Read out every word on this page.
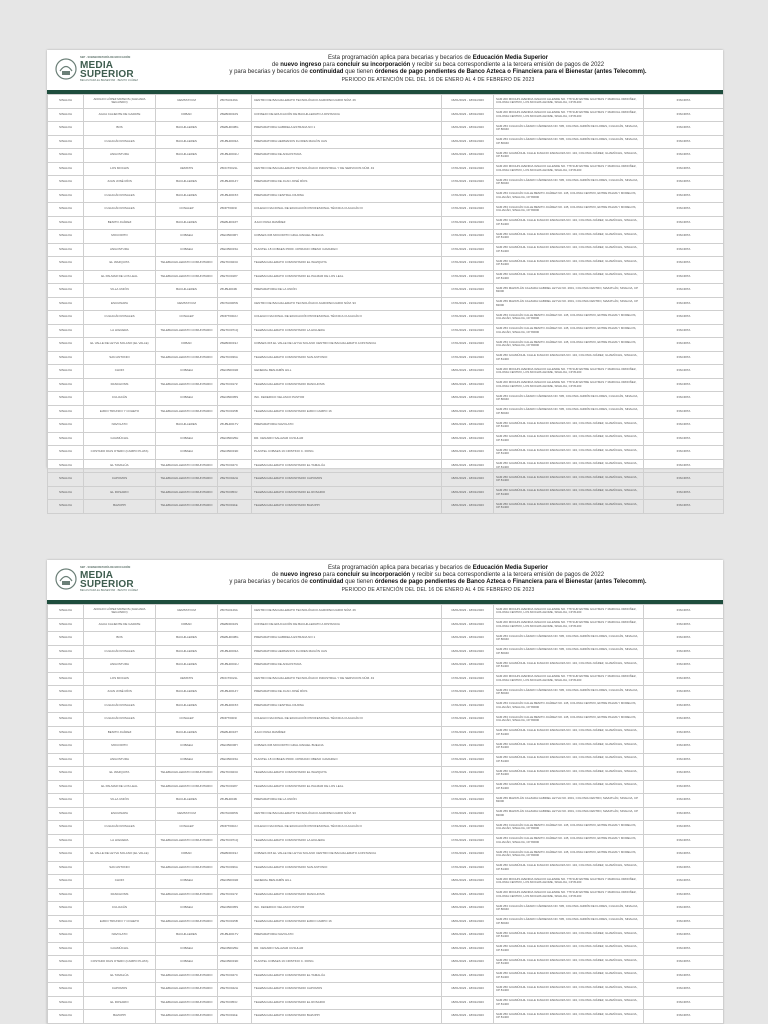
SEP · SUBSECRETARÍA DE EDUCACIÓN
MEDIA
SUPERIOR
BECAS PARA EL BIENESTAR · BENITO JUÁREZ
Esta programación aplica para becarias y becarios de Educación Media Superior
de nuevo ingreso para concluir su incorporación y recibir su beca correspondiente a la tercera emisión de pagos de 2022
y para becarias y becarios de continuidad que tienen órdenes de pago pendientes de Banco Azteca o Financiera para el Bienestar (antes Telecomm).
PERIODO DE ATENCIÓN DEL DEL 16 DE ENERO AL 4 DE FEBRERO DE 2023
SINALOA	ADOLFO LÓPEZ MATEOS (JAHUARA SEGUNDO)	UEMSTAYCM	25DTA0126A	CENTRO DE BACHILLERATO TECNOLÓGICO AGROPECUARIO NÚM. 26	16/01/2023 - 18/01/2023	SAM 200 MOCHIS AVENIDA IGNACIO ALLENDE NO. 778 SUR ENTRE GUAYMAS Y MARCIAL ORDOÑEZ, COLONIA CENTRO, LOS MOCHIS AHOME, SINALOA, CP 81200	INSCRITA
SINALOA	AGUA CALIENTE DE GARATE	DFBAD	25EBD0010S	CONSEJO DE EDUCACIÓN DE BACHILLERATO A DISTANCIA	16/01/2023 - 18/01/2023	SAM 200 MOCHIS AVENIDA IGNACIO ALLENDE NO. 778 SUR ENTRE GUAYMAS Y MARCIAL ORDOÑEZ, COLONIA CENTRO, LOS MOCHIS AHOME, SINALOA, CP 81200	INSCRITA
SINALOA	BOS	BACHILLERES	25EBH0038G	PREPARATORIA GABRIELA ESTRADA NO 1	16/01/2023 - 18/01/2023	SAM 253 CULIACÁN LÁZARO CÁRDENAS NO. 595, COLONIA JARDÍN DE FLORES, CULIACÁN, SINALOA, CP 80040	INSCRITA
SINALOA	CULIACÁN ROSALES	BACHILLERES	25UBH0003A	PREPARATORIA HERMANOS FLORES MAGÓN UAS	16/01/2023 - 18/01/2023	SAM 253 CULIACÁN LÁZARO CÁRDENAS NO. 595, COLONIA JARDÍN DE FLORES, CULIACÁN, SINALOA, CP 80040	INSCRITA
SINALOA	ANGOSTURA	BACHILLERES	25UBH0001U	PREPARATORIA DE ANGOSTURA	16/01/2023 - 18/01/2023	SAM 250 GUAMÚCHIL CALLE IGNACIO ZARAGOZA NO. 134, COLONIA JUÁREZ, GUAMÚCHIL, SINALOA, CP 81400	INSCRITA
SINALOA	LOS MOCHIS	UEMSTIS	25DCT0021L	CENTRO DE BACHILLERATO TECNOLÓGICO INDUSTRIAL Y DE SERVICIOS NÚM. 43	17/01/2023 - 19/01/2023	SAM 200 MOCHIS AVENIDA IGNACIO ALLENDE NO. 778 SUR ENTRE GUAYMAS Y MARCIAL ORDOÑEZ, COLONIA CENTRO, LOS MOCHIS AHOME, SINALOA, CP 81200	INSCRITA
SINALOA	JUAN JOSÉ RÍOS	BACHILLERES	25UBH0014Y	PREPARATORIA DE JUAN JOSÉ RÍOS	17/01/2023 - 19/01/2023	SAM 253 CULIACÁN LÁZARO CÁRDENAS NO. 595, COLONIA JARDÍN DE FLORES, CULIACÁN, SINALOA, CP 80040	INSCRITA
SINALOA	CULIACÁN ROSALES	BACHILLERES	25UBH0015X	PREPARATORIA CENTRAL DIURNA	17/01/2023 - 19/01/2023	SAM 253 CULIACÁN CALLE BENITO JUÁREZ NO. 145, COLONIA CENTRO, ENTRE PALMA Y MORELOS, CULIACÁN, SINALOA, CP 80000	INSCRITA
SINALOA	CULIACÁN ROSALES	CONALEP	25DPT0003I	COLEGIO NACIONAL DE EDUCACIÓN PROFESIONAL TÉCNICA CULIACÁN III	17/01/2023 - 19/01/2023	SAM 253 CULIACÁN CALLE BENITO JUÁREZ NO. 145, COLONIA CENTRO, ENTRE PALMA Y MORELOS, CULIACÁN, SINALOA, CP 80000	INSCRITA
SINALOA	BENITO JUÁREZ	BACHILLERES	25EBH0016T	JULIO PANA RAMÍREZ	17/01/2023 - 19/01/2023	SAM 250 GUAMÚCHIL CALLE IGNACIO ZARAGOZA NO. 134, COLONIA JUÁREZ, GUAMÚCHIL, SINALOA, CP 81400	INSCRITA
SINALOA	MOCORITO	COBAEH	25ECB0006Y	COBAES 036 MOCORITO GRAL RAFAEL BUELNA	17/01/2023 - 19/01/2023	SAM 250 GUAMÚCHIL CALLE IGNACIO ZARAGOZA NO. 134, COLONIA JUÁREZ, GUAMÚCHIL, SINALOA, CP 81400	INSCRITA
SINALOA	ANGOSTURA	COBAEH	25ECB0015A	PLANTEL 18 COBAES PROF. CIPRIANO OBESO CAMARGO	17/01/2023 - 19/01/2023	SAM 250 GUAMÚCHIL CALLE IGNACIO ZARAGOZA NO. 134, COLONIA JUÁREZ, GUAMÚCHIL, SINALOA, CP 81400	INSCRITA
SINALOA	EL WAZQUITA	TELEBACHILLERATO COMUNITARIO	25ETK0023U	TELEBACHILLERATO COMUNITARIO EL WAZQUITA	17/01/2023 - 19/01/2023	SAM 250 GUAMÚCHIL CALLE IGNACIO ZARAGOZA NO. 134, COLONIA JUÁREZ, GUAMÚCHIL, SINALOA, CP 81400	INSCRITA
SINALOA	EL PALMAR DE LOS LEAL	TELEBACHILLERATO COMUNITARIO	25ETK0018Y	TELEBACHILLERATO COMUNITARIO EL PALMAR DE LOS LEAL	17/01/2023 - 19/01/2023	SAM 250 GUAMÚCHIL CALLE IGNACIO ZARAGOZA NO. 134, COLONIA JUÁREZ, GUAMÚCHIL, SINALOA, CP 81400	INSCRITA
SINALOA	VILLA UNIÓN	BACHILLERES	25UBH0046I	PREPARATORIA DE LA UNIÓN	17/01/2023 - 19/01/2023	SAM 259 MAZATLÁN CALZADA GABRIEL LEYVA NO. 2601, COLONIA CENTRO, MAZATLÁN, SINALOA, CP 82000	INSCRITA
SINALOA	ESCUINAPA	UEMSTAYCM	25DTA0005N	CENTRO DE BACHILLERATO TECNOLÓGICO AGROPECUARIO NÚM. 93	17/01/2023 - 19/01/2023	SAM 259 MAZATLÁN CALZADA GABRIEL LEYVA NO. 2601, COLONIA CENTRO, MAZATLÁN, SINALOA, CP 82000	INSCRITA
SINALOA	CULIACÁN ROSALES	CONALEP	25DPT0002J	COLEGIO NACIONAL DE EDUCACIÓN PROFESIONAL TÉCNICA CULIACÁN II	17/01/2023 - 19/01/2023	SAM 253 CULIACÁN CALLE BENITO JUÁREZ NO. 145, COLONIA CENTRO, ENTRE PALMA Y MORELOS, CULIACÁN, SINALOA, CP 80000	INSCRITA
SINALOA	LA HIGUERA	TELEBACHILLERATO COMUNITARIO	25ETK0071Q	TELEBACHILLERATO COMUNITARIO LA HIGUERA	17/01/2023 - 19/01/2023	SAM 253 CULIACÁN CALLE BENITO JUÁREZ NO. 145, COLONIA CENTRO, ENTRE PALMA Y MORELOS, CULIACÁN, SINALOA, CP 80000	INSCRITA
SINALOA	EL VALLE DE LEYVA SOLANO (EL VALLE)	DFBAD	25EBD0019J	COBAES 015 EL VALLE DE LEYVA SOLANO CENTRO DE BACHILLERATO A DISTANCIA	17/01/2023 - 19/01/2023	SAM 253 CULIACÁN CALLE BENITO JUÁREZ NO. 145, COLONIA CENTRO, ENTRE PALMA Y MORELOS, CULIACÁN, SINALOA, CP 80000	INSCRITA
SINALOA	SAN ANTONIO	TELEBACHILLERATO COMUNITARIO	25ETK0036A	TELEBACHILLERATO COMUNITARIO SAN ANTONIO	17/01/2023 - 19/01/2023	SAM 250 GUAMÚCHIL CALLE IGNACIO ZARAGOZA NO. 134, COLONIA JUÁREZ, GUAMÚCHIL, SINALOA, CP 81400	INSCRITA
SINALOA	CHOIX	COBAEH	25ECB0001R	GENERAL BENJAMÍN HILL	18/01/2023 - 18/01/2023	SAM 200 MOCHIS AVENIDA IGNACIO ALLENDE NO. 778 SUR ENTRE GUAYMAS Y MARCIAL ORDOÑEZ, COLONIA CENTRO, LOS MOCHIS AHOME, SINALOA, CP 81200	INSCRITA
SINALOA	RANCHOSIS	TELEBACHILLERATO COMUNITARIO	25ETK0017Z	TELEBACHILLERATO COMUNITARIO RANCHOSIS	18/01/2023 - 18/01/2023	SAM 200 MOCHIS AVENIDA IGNACIO ALLENDE NO. 778 SUR ENTRE GUAYMAS Y MARCIAL ORDOÑEZ, COLONIA CENTRO, LOS MOCHIS AHOME, SINALOA, CP 81200	INSCRITA
SINALOA	CULIACÁN	COBAEH	25ECB0005S	INC. FEDERICO VELASCO PASTOR	18/01/2023 - 18/01/2023	SAM 253 CULIACÁN LÁZARO CÁRDENAS NO. 595, COLONIA JARDÍN DE FLORES, CULIACÁN, SINALOA, CP 80040	INSCRITA
SINALOA	EJIDO TRIUNFO Y COHETO	TELEBACHILLERATO COMUNITARIO	25ETK0015B	TELEBACHILLERATO COMUNITARIO EJIDO CAMPO 16	18/01/2023 - 18/01/2023	SAM 253 CULIACÁN LÁZARO CÁRDENAS NO. 595, COLONIA JARDÍN DE FLORES, CULIACÁN, SINALOA, CP 80040	INSCRITA
SINALOA	NAVOLATO	BACHILLERES	25UBH0017V	PREPARATORIA NAVOLATO	18/01/2023 - 18/01/2023	SAM 250 GUAMÚCHIL CALLE IGNACIO ZARAGOZA NO. 134, COLONIA JUÁREZ, GUAMÚCHIL, SINALOA, CP 81400	INSCRITA
SINALOA	GUAMÚCHIL	COBAEH	25ECB0025H	DR. CENAIRO SALAZAR CUSULAR	18/01/2023 - 18/01/2023	SAM 250 GUAMÚCHIL CALLE IGNACIO ZARAGOZA NO. 134, COLONIA JUÁREZ, GUAMÚCHIL, SINALOA, CP 81400	INSCRITA
SINALOA	COSTADO DIAS OTERO (CAMPO PLATA)	COBAEH	25ECB0019D	PLANTEL COBAES 19 CRISTINO C. RONG	18/01/2023 - 18/01/2023	SAM 250 GUAMÚCHIL CALLE IGNACIO ZARAGOZA NO. 134, COLONIA JUÁREZ, GUAMÚCHIL, SINALOA, CP 81400	INSCRITA
SINALOA	EL TAMALÚA	TELEBACHILLERATO COMUNITARIO	25ETK0047C	TELEBACHILLERATO COMUNITARIO EL TAMALÚA	18/01/2023 - 18/01/2023	SAM 250 GUAMÚCHIL CALLE IGNACIO ZARAGOZA NO. 134, COLONIA JUÁREZ, GUAMÚCHIL, SINALOA, CP 81400	INSCRITA
SINALOA	CAPOMOS	TELEBACHILLERATO COMUNITARIO	25ETK0042H	TELEBACHILLERATO COMUNITARIO CAPOMOS	18/01/2023 - 18/01/2023	SAM 250 GUAMÚCHIL CALLE IGNACIO ZARAGOZA NO. 134, COLONIA JUÁREZ, GUAMÚCHIL, SINALOA, CP 81400	INSCRITA
SINALOA	EL ROSARIO	TELEBACHILLERATO COMUNITARIO	25ETK0053J	TELEBACHILLERATO COMUNITARIO EL ROSARIO	18/01/2023 - 18/01/2023	SAM 250 GUAMÚCHIL CALLE IGNACIO ZARAGOZA NO. 134, COLONIA JUÁREZ, GUAMÚCHIL, SINALOA, CP 81400	INSCRITA
SINALOA	BAZUPPI	TELEBACHILLERATO COMUNITARIO	25ETK0011E	TELEBACHILLERATO COMUNITARIO BAZUPPI	18/01/2023 - 18/01/2023	SAM 250 GUAMÚCHIL CALLE IGNACIO ZARAGOZA NO. 134, COLONIA JUÁREZ, GUAMÚCHIL, SINALOA, CP 81400	INSCRITA
SEP · SUBSECRETARÍA DE EDUCACIÓN
MEDIA
SUPERIOR
BECAS PARA EL BIENESTAR · BENITO JUÁREZ
Esta programación aplica para becarias y becarios de Educación Media Superior
de nuevo ingreso para concluir su incorporación y recibir su beca correspondiente a la tercera emisión de pagos de 2022
y para becarias y becarios de continuidad que tienen órdenes de pago pendientes de Banco Azteca o Financiera para el Bienestar (antes Telecomm).
PERIODO DE ATENCIÓN DEL DEL 16 DE ENERO AL 4 DE FEBRERO DE 2023
SINALOA	ADOLFO LÓPEZ MATEOS (JAHUARA SEGUNDO)	UEMSTAYCM	25DTA0126A	CENTRO DE BACHILLERATO TECNOLÓGICO AGROPECUARIO NÚM. 26	16/01/2023 - 18/01/2023	SAM 200 MOCHIS AVENIDA IGNACIO ALLENDE NO. 778 SUR ENTRE GUAYMAS Y MARCIAL ORDOÑEZ, COLONIA CENTRO, LOS MOCHIS AHOME, SINALOA, CP 81200	INSCRITA
SINALOA	AGUA CALIENTE DE GARATE	DFBAD	25EBD0010S	CONSEJO DE EDUCACIÓN DE BACHILLERATO A DISTANCIA	16/01/2023 - 18/01/2023	SAM 200 MOCHIS AVENIDA IGNACIO ALLENDE NO. 778 SUR ENTRE GUAYMAS Y MARCIAL ORDOÑEZ, COLONIA CENTRO, LOS MOCHIS AHOME, SINALOA, CP 81200	INSCRITA
SINALOA	BOS	BACHILLERES	25EBH0038G	PREPARATORIA GABRIELA ESTRADA NO 1	16/01/2023 - 18/01/2023	SAM 253 CULIACÁN LÁZARO CÁRDENAS NO. 595, COLONIA JARDÍN DE FLORES, CULIACÁN, SINALOA, CP 80040	INSCRITA
SINALOA	CULIACÁN ROSALES	BACHILLERES	25UBH0003A	PREPARATORIA HERMANOS FLORES MAGÓN UAS	16/01/2023 - 18/01/2023	SAM 253 CULIACÁN LÁZARO CÁRDENAS NO. 595, COLONIA JARDÍN DE FLORES, CULIACÁN, SINALOA, CP 80040	INSCRITA
SINALOA	ANGOSTURA	BACHILLERES	25UBH0001U	PREPARATORIA DE ANGOSTURA	16/01/2023 - 18/01/2023	SAM 250 GUAMÚCHIL CALLE IGNACIO ZARAGOZA NO. 134, COLONIA JUÁREZ, GUAMÚCHIL, SINALOA, CP 81400	INSCRITA
SINALOA	LOS MOCHIS	UEMSTIS	25DCT0021L	CENTRO DE BACHILLERATO TECNOLÓGICO INDUSTRIAL Y DE SERVICIOS NÚM. 43	17/01/2023 - 19/01/2023	SAM 200 MOCHIS AVENIDA IGNACIO ALLENDE NO. 778 SUR ENTRE GUAYMAS Y MARCIAL ORDOÑEZ, COLONIA CENTRO, LOS MOCHIS AHOME, SINALOA, CP 81200	INSCRITA
SINALOA	JUAN JOSÉ RÍOS	BACHILLERES	25UBH0014Y	PREPARATORIA DE JUAN JOSÉ RÍOS	17/01/2023 - 19/01/2023	SAM 253 CULIACÁN LÁZARO CÁRDENAS NO. 595, COLONIA JARDÍN DE FLORES, CULIACÁN, SINALOA, CP 80040	INSCRITA
SINALOA	CULIACÁN ROSALES	BACHILLERES	25UBH0015X	PREPARATORIA CENTRAL DIURNA	17/01/2023 - 19/01/2023	SAM 253 CULIACÁN CALLE BENITO JUÁREZ NO. 145, COLONIA CENTRO, ENTRE PALMA Y MORELOS, CULIACÁN, SINALOA, CP 80000	INSCRITA
SINALOA	CULIACÁN ROSALES	CONALEP	25DPT0003I	COLEGIO NACIONAL DE EDUCACIÓN PROFESIONAL TÉCNICA CULIACÁN III	17/01/2023 - 19/01/2023	SAM 253 CULIACÁN CALLE BENITO JUÁREZ NO. 145, COLONIA CENTRO, ENTRE PALMA Y MORELOS, CULIACÁN, SINALOA, CP 80000	INSCRITA
SINALOA	BENITO JUÁREZ	BACHILLERES	25EBH0016T	JULIO PANA RAMÍREZ	17/01/2023 - 19/01/2023	SAM 250 GUAMÚCHIL CALLE IGNACIO ZARAGOZA NO. 134, COLONIA JUÁREZ, GUAMÚCHIL, SINALOA, CP 81400	INSCRITA
SINALOA	MOCORITO	COBAEH	25ECB0006Y	COBAES 036 MOCORITO GRAL RAFAEL BUELNA	17/01/2023 - 19/01/2023	SAM 250 GUAMÚCHIL CALLE IGNACIO ZARAGOZA NO. 134, COLONIA JUÁREZ, GUAMÚCHIL, SINALOA, CP 81400	INSCRITA
SINALOA	ANGOSTURA	COBAEH	25ECB0015A	PLANTEL 18 COBAES PROF. CIPRIANO OBESO CAMARGO	17/01/2023 - 19/01/2023	SAM 250 GUAMÚCHIL CALLE IGNACIO ZARAGOZA NO. 134, COLONIA JUÁREZ, GUAMÚCHIL, SINALOA, CP 81400	INSCRITA
SINALOA	EL WAZQUITA	TELEBACHILLERATO COMUNITARIO	25ETK0023U	TELEBACHILLERATO COMUNITARIO EL WAZQUITA	17/01/2023 - 19/01/2023	SAM 250 GUAMÚCHIL CALLE IGNACIO ZARAGOZA NO. 134, COLONIA JUÁREZ, GUAMÚCHIL, SINALOA, CP 81400	INSCRITA
SINALOA	EL PALMAR DE LOS LEAL	TELEBACHILLERATO COMUNITARIO	25ETK0018Y	TELEBACHILLERATO COMUNITARIO EL PALMAR DE LOS LEAL	17/01/2023 - 19/01/2023	SAM 250 GUAMÚCHIL CALLE IGNACIO ZARAGOZA NO. 134, COLONIA JUÁREZ, GUAMÚCHIL, SINALOA, CP 81400	INSCRITA
SINALOA	VILLA UNIÓN	BACHILLERES	25UBH0046I	PREPARATORIA DE LA UNIÓN	17/01/2023 - 19/01/2023	SAM 259 MAZATLÁN CALZADA GABRIEL LEYVA NO. 2601, COLONIA CENTRO, MAZATLÁN, SINALOA, CP 82000	INSCRITA
SINALOA	ESCUINAPA	UEMSTAYCM	25DTA0005N	CENTRO DE BACHILLERATO TECNOLÓGICO AGROPECUARIO NÚM. 93	17/01/2023 - 19/01/2023	SAM 259 MAZATLÁN CALZADA GABRIEL LEYVA NO. 2601, COLONIA CENTRO, MAZATLÁN, SINALOA, CP 82000	INSCRITA
SINALOA	CULIACÁN ROSALES	CONALEP	25DPT0002J	COLEGIO NACIONAL DE EDUCACIÓN PROFESIONAL TÉCNICA CULIACÁN II	17/01/2023 - 19/01/2023	SAM 253 CULIACÁN CALLE BENITO JUÁREZ NO. 145, COLONIA CENTRO, ENTRE PALMA Y MORELOS, CULIACÁN, SINALOA, CP 80000	INSCRITA
SINALOA	LA HIGUERA	TELEBACHILLERATO COMUNITARIO	25ETK0071Q	TELEBACHILLERATO COMUNITARIO LA HIGUERA	17/01/2023 - 19/01/2023	SAM 253 CULIACÁN CALLE BENITO JUÁREZ NO. 145, COLONIA CENTRO, ENTRE PALMA Y MORELOS, CULIACÁN, SINALOA, CP 80000	INSCRITA
SINALOA	EL VALLE DE LEYVA SOLANO (EL VALLE)	DFBAD	25EBD0019J	COBAES 015 EL VALLE DE LEYVA SOLANO CENTRO DE BACHILLERATO A DISTANCIA	17/01/2023 - 19/01/2023	SAM 253 CULIACÁN CALLE BENITO JUÁREZ NO. 145, COLONIA CENTRO, ENTRE PALMA Y MORELOS, CULIACÁN, SINALOA, CP 80000	INSCRITA
SINALOA	SAN ANTONIO	TELEBACHILLERATO COMUNITARIO	25ETK0036A	TELEBACHILLERATO COMUNITARIO SAN ANTONIO	17/01/2023 - 19/01/2023	SAM 250 GUAMÚCHIL CALLE IGNACIO ZARAGOZA NO. 134, COLONIA JUÁREZ, GUAMÚCHIL, SINALOA, CP 81400	INSCRITA
SINALOA	CHOIX	COBAEH	25ECB0001R	GENERAL BENJAMÍN HILL	18/01/2023 - 18/01/2023	SAM 200 MOCHIS AVENIDA IGNACIO ALLENDE NO. 778 SUR ENTRE GUAYMAS Y MARCIAL ORDOÑEZ, COLONIA CENTRO, LOS MOCHIS AHOME, SINALOA, CP 81200	INSCRITA
SINALOA	RANCHOSIS	TELEBACHILLERATO COMUNITARIO	25ETK0017Z	TELEBACHILLERATO COMUNITARIO RANCHOSIS	18/01/2023 - 18/01/2023	SAM 200 MOCHIS AVENIDA IGNACIO ALLENDE NO. 778 SUR ENTRE GUAYMAS Y MARCIAL ORDOÑEZ, COLONIA CENTRO, LOS MOCHIS AHOME, SINALOA, CP 81200	INSCRITA
SINALOA	CULIACÁN	COBAEH	25ECB0005S	INC. FEDERICO VELASCO PASTOR	18/01/2023 - 18/01/2023	SAM 253 CULIACÁN LÁZARO CÁRDENAS NO. 595, COLONIA JARDÍN DE FLORES, CULIACÁN, SINALOA, CP 80040	INSCRITA
SINALOA	EJIDO TRIUNFO Y COHETO	TELEBACHILLERATO COMUNITARIO	25ETK0015B	TELEBACHILLERATO COMUNITARIO EJIDO CAMPO 16	18/01/2023 - 18/01/2023	SAM 253 CULIACÁN LÁZARO CÁRDENAS NO. 595, COLONIA JARDÍN DE FLORES, CULIACÁN, SINALOA, CP 80040	INSCRITA
SINALOA	NAVOLATO	BACHILLERES	25UBH0017V	PREPARATORIA NAVOLATO	18/01/2023 - 18/01/2023	SAM 250 GUAMÚCHIL CALLE IGNACIO ZARAGOZA NO. 134, COLONIA JUÁREZ, GUAMÚCHIL, SINALOA, CP 81400	INSCRITA
SINALOA	GUAMÚCHIL	COBAEH	25ECB0025H	DR. CENAIRO SALAZAR CUSULAR	18/01/2023 - 18/01/2023	SAM 250 GUAMÚCHIL CALLE IGNACIO ZARAGOZA NO. 134, COLONIA JUÁREZ, GUAMÚCHIL, SINALOA, CP 81400	INSCRITA
SINALOA	COSTADO DIAS OTERO (CAMPO PLATA)	COBAEH	25ECB0019D	PLANTEL COBAES 19 CRISTINO C. RONG	18/01/2023 - 18/01/2023	SAM 250 GUAMÚCHIL CALLE IGNACIO ZARAGOZA NO. 134, COLONIA JUÁREZ, GUAMÚCHIL, SINALOA, CP 81400	INSCRITA
SINALOA	EL TAMALÚA	TELEBACHILLERATO COMUNITARIO	25ETK0047C	TELEBACHILLERATO COMUNITARIO EL TAMALÚA	18/01/2023 - 18/01/2023	SAM 250 GUAMÚCHIL CALLE IGNACIO ZARAGOZA NO. 134, COLONIA JUÁREZ, GUAMÚCHIL, SINALOA, CP 81400	INSCRITA
SINALOA	CAPOMOS	TELEBACHILLERATO COMUNITARIO	25ETK0042H	TELEBACHILLERATO COMUNITARIO CAPOMOS	18/01/2023 - 18/01/2023	SAM 250 GUAMÚCHIL CALLE IGNACIO ZARAGOZA NO. 134, COLONIA JUÁREZ, GUAMÚCHIL, SINALOA, CP 81400	INSCRITA
SINALOA	EL ROSARIO	TELEBACHILLERATO COMUNITARIO	25ETK0053J	TELEBACHILLERATO COMUNITARIO EL ROSARIO	18/01/2023 - 18/01/2023	SAM 250 GUAMÚCHIL CALLE IGNACIO ZARAGOZA NO. 134, COLONIA JUÁREZ, GUAMÚCHIL, SINALOA, CP 81400	INSCRITA
SINALOA	BAZUPPI	TELEBACHILLERATO COMUNITARIO	25ETK0011E	TELEBACHILLERATO COMUNITARIO BAZUPPI	18/01/2023 - 18/01/2023	SAM 250 GUAMÚCHIL CALLE IGNACIO ZARAGOZA NO. 134, COLONIA JUÁREZ, GUAMÚCHIL, SINALOA, CP 81400	INSCRITA
